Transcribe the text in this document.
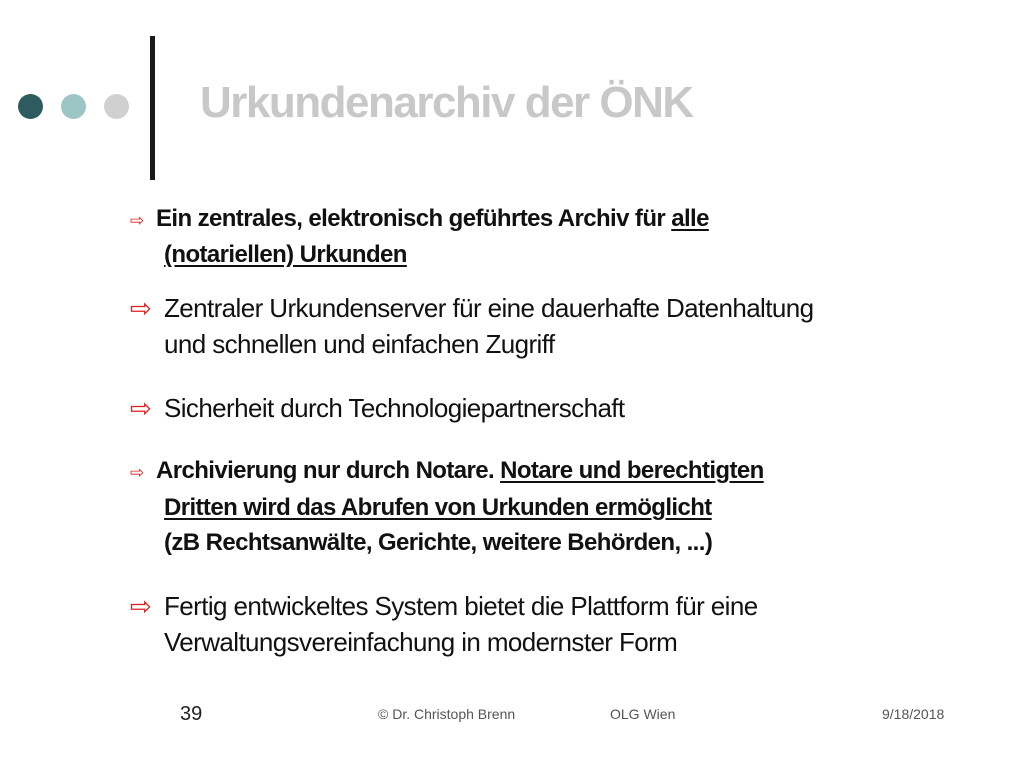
Urkundenarchiv der ÖNK
⇨ Ein zentrales, elektronisch geführtes Archiv für alle
(notariellen) Urkunden
⇨ Zentraler Urkundenserver für eine dauerhafte Datenhaltung
und schnellen und einfachen Zugriff
⇨ Sicherheit durch Technologiepartnerschaft
⇨ Archivierung nur durch Notare. Notare und berechtigten
Dritten wird das Abrufen von Urkunden ermöglicht
(zB Rechtsanwälte, Gerichte, weitere Behörden, ...)
⇨ Fertig entwickeltes System bietet die Plattform für eine
Verwaltungsvereinfachung in modernster Form
39	© Dr. Christoph Brenn	OLG Wien	9/18/2018
